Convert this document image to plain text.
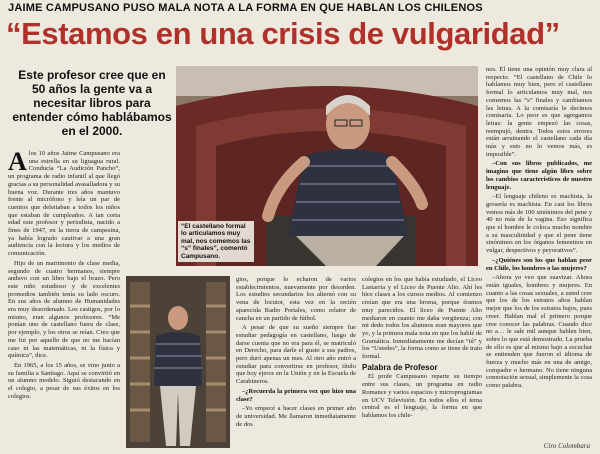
JAIME CAMPUSANO PUSO MALA NOTA A LA FORMA EN QUE HABLAN LOS CHILENOS
“Estamos en una crisis de vulgaridad”
Este profesor cree que en 50 años la gente va a necesitar libros para entender cómo hablábamos en el 2000.
“El castellano formal lo articulamos muy mal, nos comemos las “s” finales”, comentó Campusano.

Alos 10 años Jaime Campusano era una estrella en su liguagua rural. Conducía “La Audición Pancho”, un programa de radio infantil al que llegó gracias a su personalidad avasalladora y su buena voz. Durante tres años mantuvo frente al micrófono y leía un par de cuentos que deleitaban a todos los niños que estaban de cumpleaños. A tan corta edad este profesor y periodista, nacido a fines de 1947, en la tierra de campesina, ya había logrado cautivar a una gran audiencia con la lectura y los medios de comunicación.

Hijo de un matrimonio de clase media, segundo de cuatro hermanos, siempre anduvo con un libro bajo el brazo. Pero este niño estudioso y de excelentes promedios también tenía su lado oscuro. En sus años de alumno de Humanidades era muy desordenado. Los castigos, por lo mismo, eran algunos profesores. “Me ponían uno de castellano fuera de clase, por ejemplo, y los otros se reían. Creo que me fui por aquello de que no me hacían caso ni las matemáticas, ni la física y química”, dice.

En 1965, a los 15 años, se vino junto a su familia a Santiago. Aquí se convirtió en un alumno modelo. Siguió destacando en el colegio, a pesar de sus éxitos en los colegios.

gios, porque lo echaron de varios establecimientos, nuevamente por desorden. Los estudios secundarios los alternó con su vena de locutor, esta vez en la recién aparecida Radio Portales, como relator de cancha en un partido de fútbol.

A pesar de que su sueño siempre fue estudiar pedagogía en castellano, luego de darse cuenta que no era para él, se matriculó en Derecho, para darle el gusto a sus padres, pero duró apenas un mes. Al otro año entró a estudiar para convertirse en profesor, título que hoy ejerce en la Unión y en la Escuela de Carabineros.

–¿Recuerda la primera vez que hizo una clase?

–Yo empecé a hacer clases en primer año de universidad. Me llamaron inmediatamente de dos

colegios en los que había estudiado, el Liceo Lastarria y el Liceo de Puente Alto. Ahí les hice clases a los cursos medios. Al comienzo creían que era una broma, porque éramos muy parecidos. El liceo de Puente Alto mediaron en cuanto me daba vergüenza; con mi dedo todos los alumnos eran mayores que yo, y la primera mala nota en que los hablé de Gramática. Inmediatamente me decían “tú” y los “Ustedes”, la forma como se tiene de trato formal.

Palabra de Profesor

El profe Campusano reparte su tiempo entre sus clases, un programa en radio Romance y varios espacios y microprogramas en UCV Televisión. En todos ellos el tema central es el lenguaje, la forma en que hablamos los chile-

nos. Él tiene una opinión muy clara al respecto. “El castellano de Chile lo hablamos muy bien, pero el castellano formal lo articulamos muy mal, nos comemos las “s” finales y cambiamos las letras. A la comisaría le decimos comisaria. Lo peor es que agregamos letras: la gente empezó las cosas, reempujó, dentra. Todos estos errores están arruinando el castellano cada día más y esto no lo vemos más, es imposible”.

–Con sus libros publicados, me imagino que tiene algún libro sobre los cambios característicos de nuestro lenguaje.

–El lenguaje chileno es machista, la grosería es machista. En casi los libros vemos más de 100 sinónimos del pene y 40 no más de la vagina. Eso significa que el hombre le coloca mucho nombre a su masculinidad y que el pene tiene sinónimos en los órganos femeninos en vulgar, despectivos y peyorativos”.

–¿Quiénes son los que hablan peor en Chile, los hombres o las mujeres?

–Ahora yo veo que suavizar. Ahora están iguales, hombres y mujeres. En cuanto a las cosas sexuales, a usted cree que los de los estratos altos hablan mejor que los de los estratos bajos, pues creer. Hablan mal el primero porque cree conocer las palabras. Cuando dice no a… le sale mil aunque hablen bien, sobre lo que está demostrado. La prueba de ello es que al mismo bajo a escuchar se entienden que fueron el idioma de fuerza y mucho más en una de amigo, compadre o hermano. No tiene ninguna connotación sexual, simplemente la cosa como palabra.

Ciro Colombara
